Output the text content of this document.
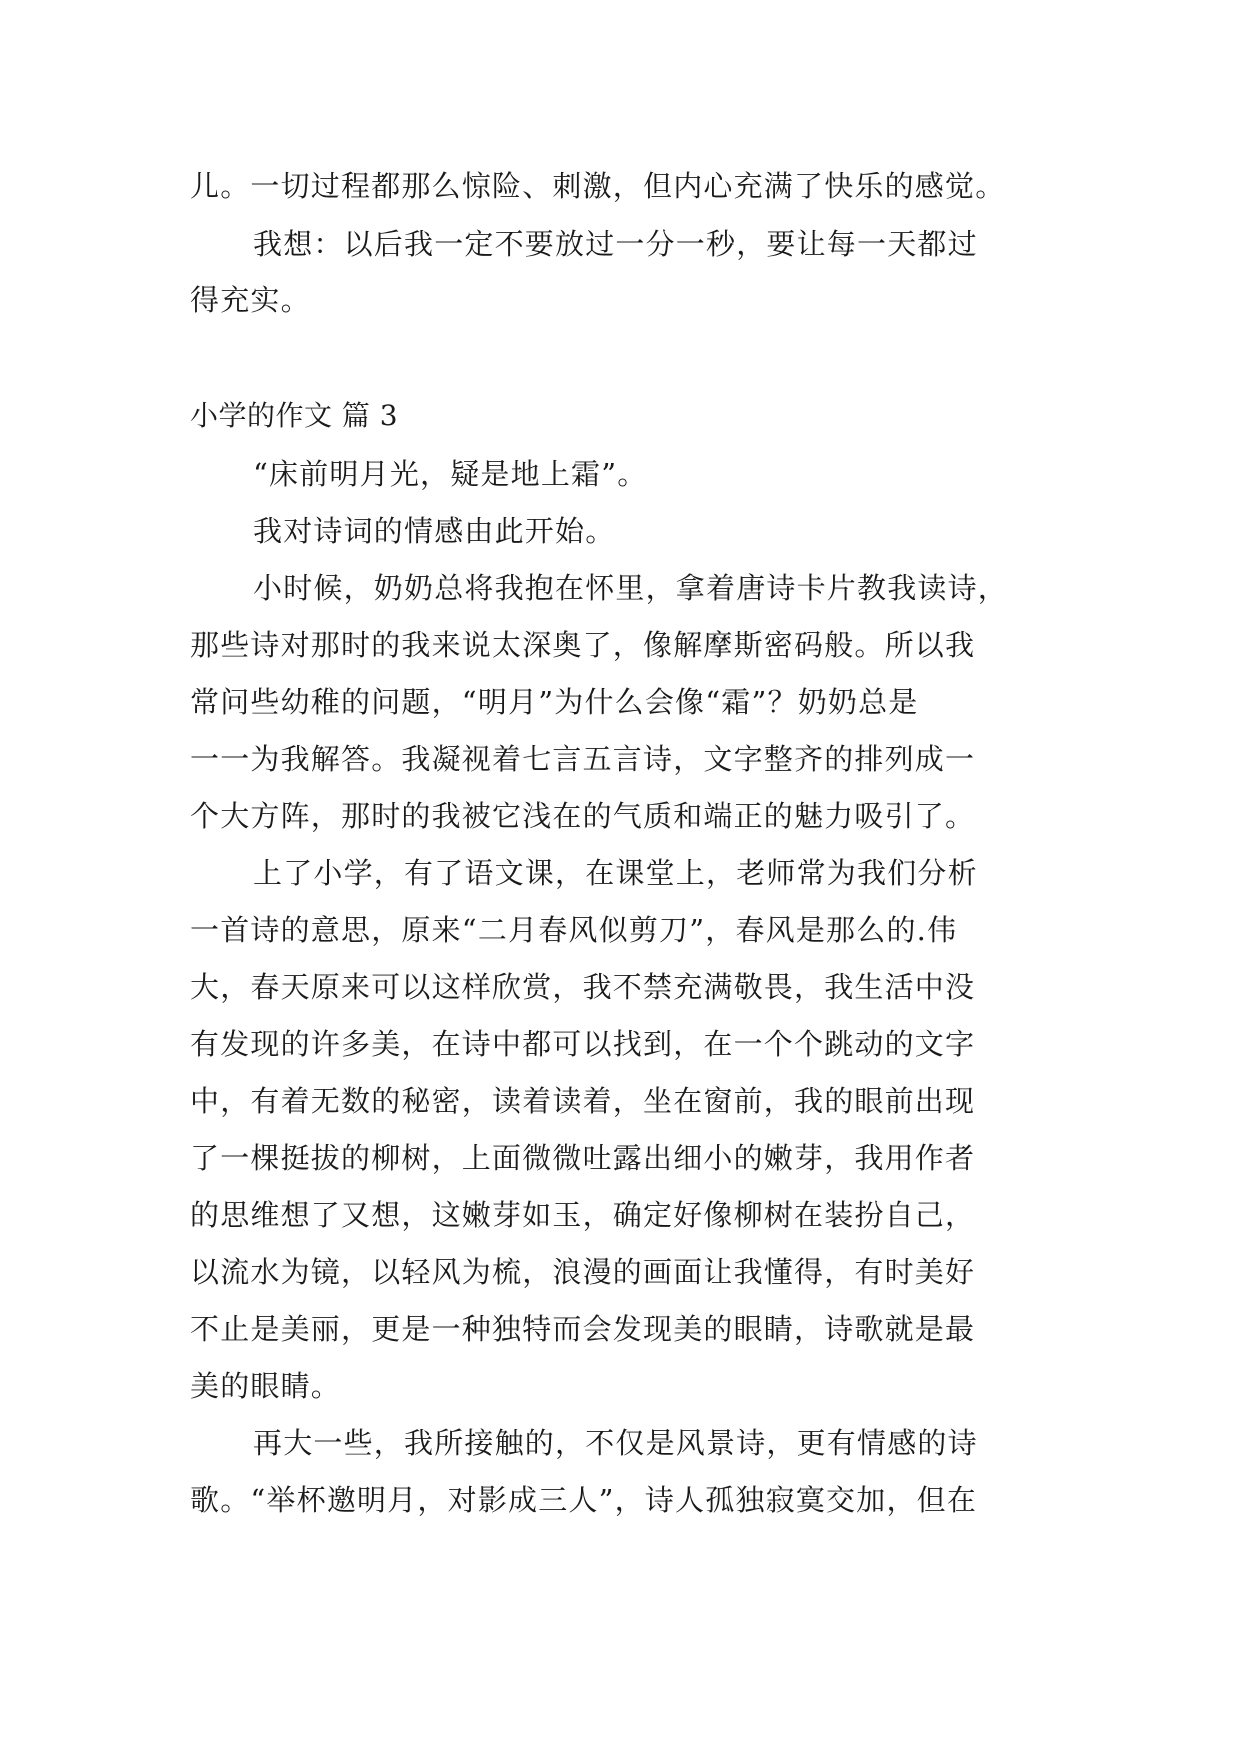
儿。一切过程都那么惊险、刺激，但内心充满了快乐的感觉。

我想：以后我一定不要放过一分一秒，要让每一天都过

得充实。

小学的作文 篇 3

“床前明月光，疑是地上霜”。

我对诗词的情感由此开始。

小时候，奶奶总将我抱在怀里，拿着唐诗卡片教我读诗，

那些诗对那时的我来说太深奥了，像解摩斯密码般。所以我

常问些幼稚的问题，“明月”为什么会像“霜”？奶奶总是

一一为我解答。我凝视着七言五言诗，文字整齐的排列成一

个大方阵，那时的我被它浅在的气质和端正的魅力吸引了。

上了小学，有了语文课，在课堂上，老师常为我们分析

一首诗的意思，原来“二月春风似剪刀”，春风是那么的.伟

大，春天原来可以这样欣赏，我不禁充满敬畏，我生活中没

有发现的许多美，在诗中都可以找到，在一个个跳动的文字

中，有着无数的秘密，读着读着，坐在窗前，我的眼前出现

了一棵挺拔的柳树，上面微微吐露出细小的嫩芽，我用作者

的思维想了又想，这嫩芽如玉，确定好像柳树在装扮自己，

以流水为镜，以轻风为梳，浪漫的画面让我懂得，有时美好

不止是美丽，更是一种独特而会发现美的眼睛，诗歌就是最

美的眼睛。

再大一些，我所接触的，不仅是风景诗，更有情感的诗

歌。“举杯邀明月，对影成三人”，诗人孤独寂寞交加，但在
